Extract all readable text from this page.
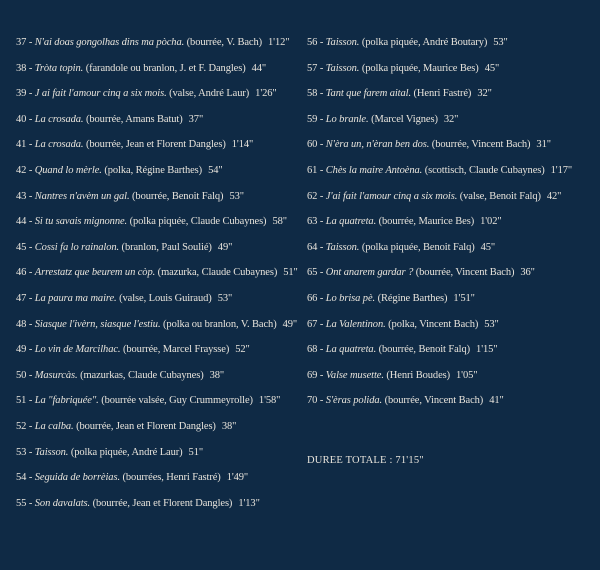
37 - N'ai doas gongolhas dins ma pòcha. (bourrée, V. Bach) 1'12"
38 - Tròta topin. (farandole ou branlon, J. et F. Dangles) 44"
39 - J ai fait l'amour cinq a six mois. (valse, André Laur) 1'26"
40 - La crosada. (bourrée, Amans Batut) 37"
41 - La crosada. (bourrée, Jean et Florent Dangles) 1'14"
42 - Quand lo mèrle. (polka, Régine Barthes) 54"
43 - Nantres n'avèm un gal. (bourrée, Benoit Falq) 53"
44 - Si tu savais mignonne. (polka piquée, Claude Cubaynes) 58"
45 - Cossi fa lo rainalon. (branlon, Paul Soulié) 49"
46 - Arrestatz que beurem un còp. (mazurka, Claude Cubaynes) 51"
47 - La paura ma maire. (valse, Louis Guiraud) 53"
48 - Siasque l'ivèrn, siasque l'estiu. (polka ou branlon, V. Bach) 49"
49 - Lo vin de Marcilhac. (bourrée, Marcel Fraysse) 52"
50 - Masurcàs. (mazurkas, Claude Cubaynes) 38"
51 - La "fabriquée". (bourrée valsée, Guy Crummeyrolle) 1'58"
52 - La calba. (bourrée, Jean et Florent Dangles) 38"
53 - Taisson. (polka piquée, André Laur) 51"
54 - Seguida de borrèias. (bourrées, Henri Fastré) 1'49"
55 - Son davalats. (bourrée, Jean et Florent Dangles) 1'13"
56 - Taisson. (polka piquée, André Boutary) 53"
57 - Taisson. (polka piquée, Maurice Bes) 45"
58 - Tant que farem aital. (Henri Fastré) 32"
59 - Lo branle. (Marcel Vignes) 32"
60 - N'èra un, n'èran ben dos. (bourrée, Vincent Bach) 31"
61 - Chès la maire Antoèna. (scottisch, Claude Cubaynes) 1'17"
62 - J'ai fait l'amour cinq a six mois. (valse, Benoit Falq) 42"
63 - La quatreta. (bourrée, Maurice Bes) 1'02"
64 - Taisson. (polka piquée, Benoit Falq) 45"
65 - Ont anarem gardar ? (bourrée, Vincent Bach) 36"
66 - Lo brisa pè. (Régine Barthes) 1'51"
67 - La Valentinon. (polka, Vincent Bach) 53"
68 - La quatreta. (bourrée, Benoit Falq) 1'15"
69 - Valse musette. (Henri Boudes) 1'05"
70 - S'èras polida. (bourrée, Vincent Bach) 41"
DUREE TOTALE : 71'15"
